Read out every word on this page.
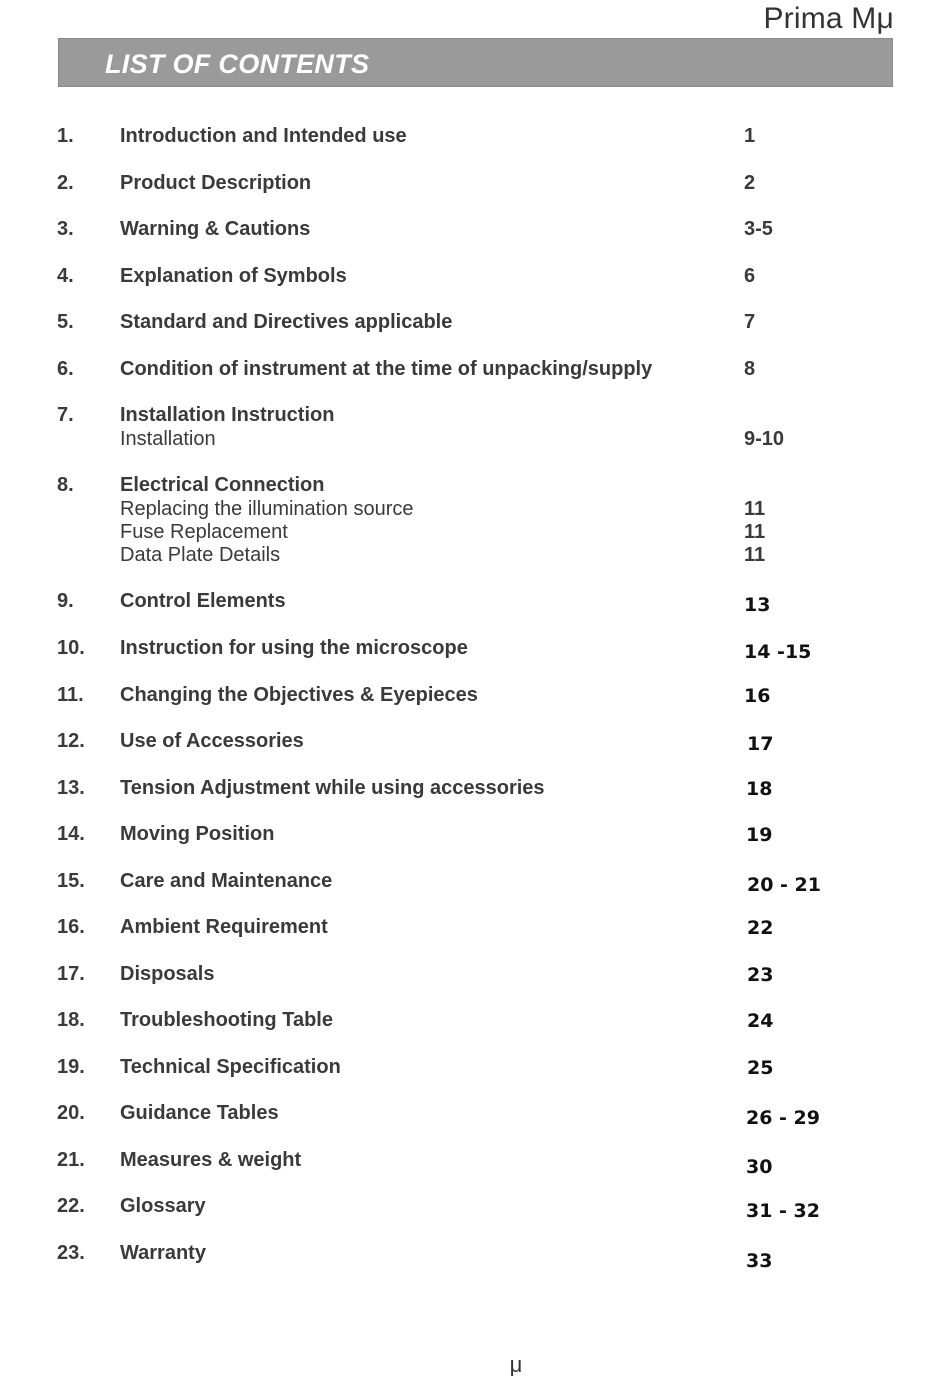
Prima Mμ
LIST OF CONTENTS
1. Introduction and Intended use	1
2. Product Description	2
3. Warning & Cautions	3-5
4. Explanation of Symbols	6
5. Standard and Directives applicable	7
6. Condition of instrument at the time of unpacking/supply	8
7. Installation Instruction
Installation	9-10
8. Electrical Connection
Replacing the illumination source	11
Fuse Replacement	11
Data Plate Details	11
9. Control Elements	13
10. Instruction for using the microscope	14 -15
11. Changing the Objectives & Eyepieces	16
12. Use of Accessories	17
13. Tension Adjustment while using accessories	18
14. Moving Position	19
15. Care and Maintenance	20 - 21
16. Ambient Requirement	22
17. Disposals	23
18. Troubleshooting Table	24
19. Technical Specification	25
20. Guidance Tables	26 - 29
21. Measures & weight	30
22. Glossary	31 - 32
23. Warranty	33
μ
